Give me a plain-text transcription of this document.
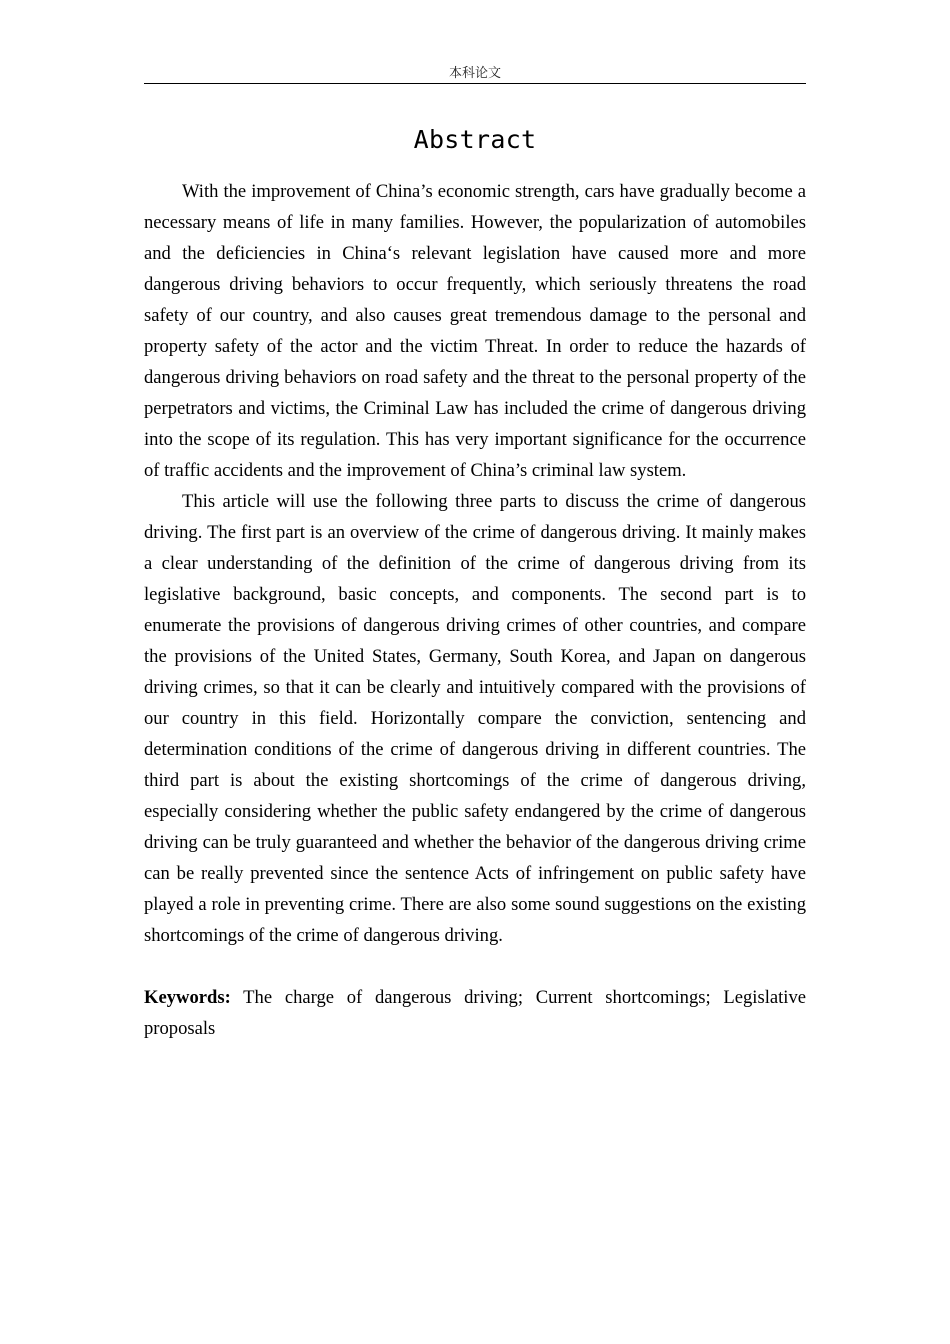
本科论文
Abstract

With the improvement of China’s economic strength, cars have gradually become a necessary means of life in many families. However, the popularization of automobiles and the deficiencies in China‘s relevant legislation have caused more and more dangerous driving behaviors to occur frequently, which seriously threatens the road safety of our country, and also causes great tremendous damage to the personal and property safety of the actor and the victim Threat. In order to reduce the hazards of dangerous driving behaviors on road safety and the threat to the personal property of the perpetrators and victims, the Criminal Law has included the crime of dangerous driving into the scope of its regulation. This has very important significance for the occurrence of traffic accidents and the improvement of China’s criminal law system.

This article will use the following three parts to discuss the crime of dangerous driving. The first part is an overview of the crime of dangerous driving. It mainly makes a clear understanding of the definition of the crime of dangerous driving from its legislative background, basic concepts, and components. The second part is to enumerate the provisions of dangerous driving crimes of other countries, and compare the provisions of the United States, Germany, South Korea, and Japan on dangerous driving crimes, so that it can be clearly and intuitively compared with the provisions of our country in this field. Horizontally compare the conviction, sentencing and determination conditions of the crime of dangerous driving in different countries. The third part is about the existing shortcomings of the crime of dangerous driving, especially considering whether the public safety endangered by the crime of dangerous driving can be truly guaranteed and whether the behavior of the dangerous driving crime can be really prevented since the sentence Acts of infringement on public safety have played a role in preventing crime. There are also some sound suggestions on the existing shortcomings of the crime of dangerous driving.

Keywords: The charge of dangerous driving; Current shortcomings; Legislative proposals
